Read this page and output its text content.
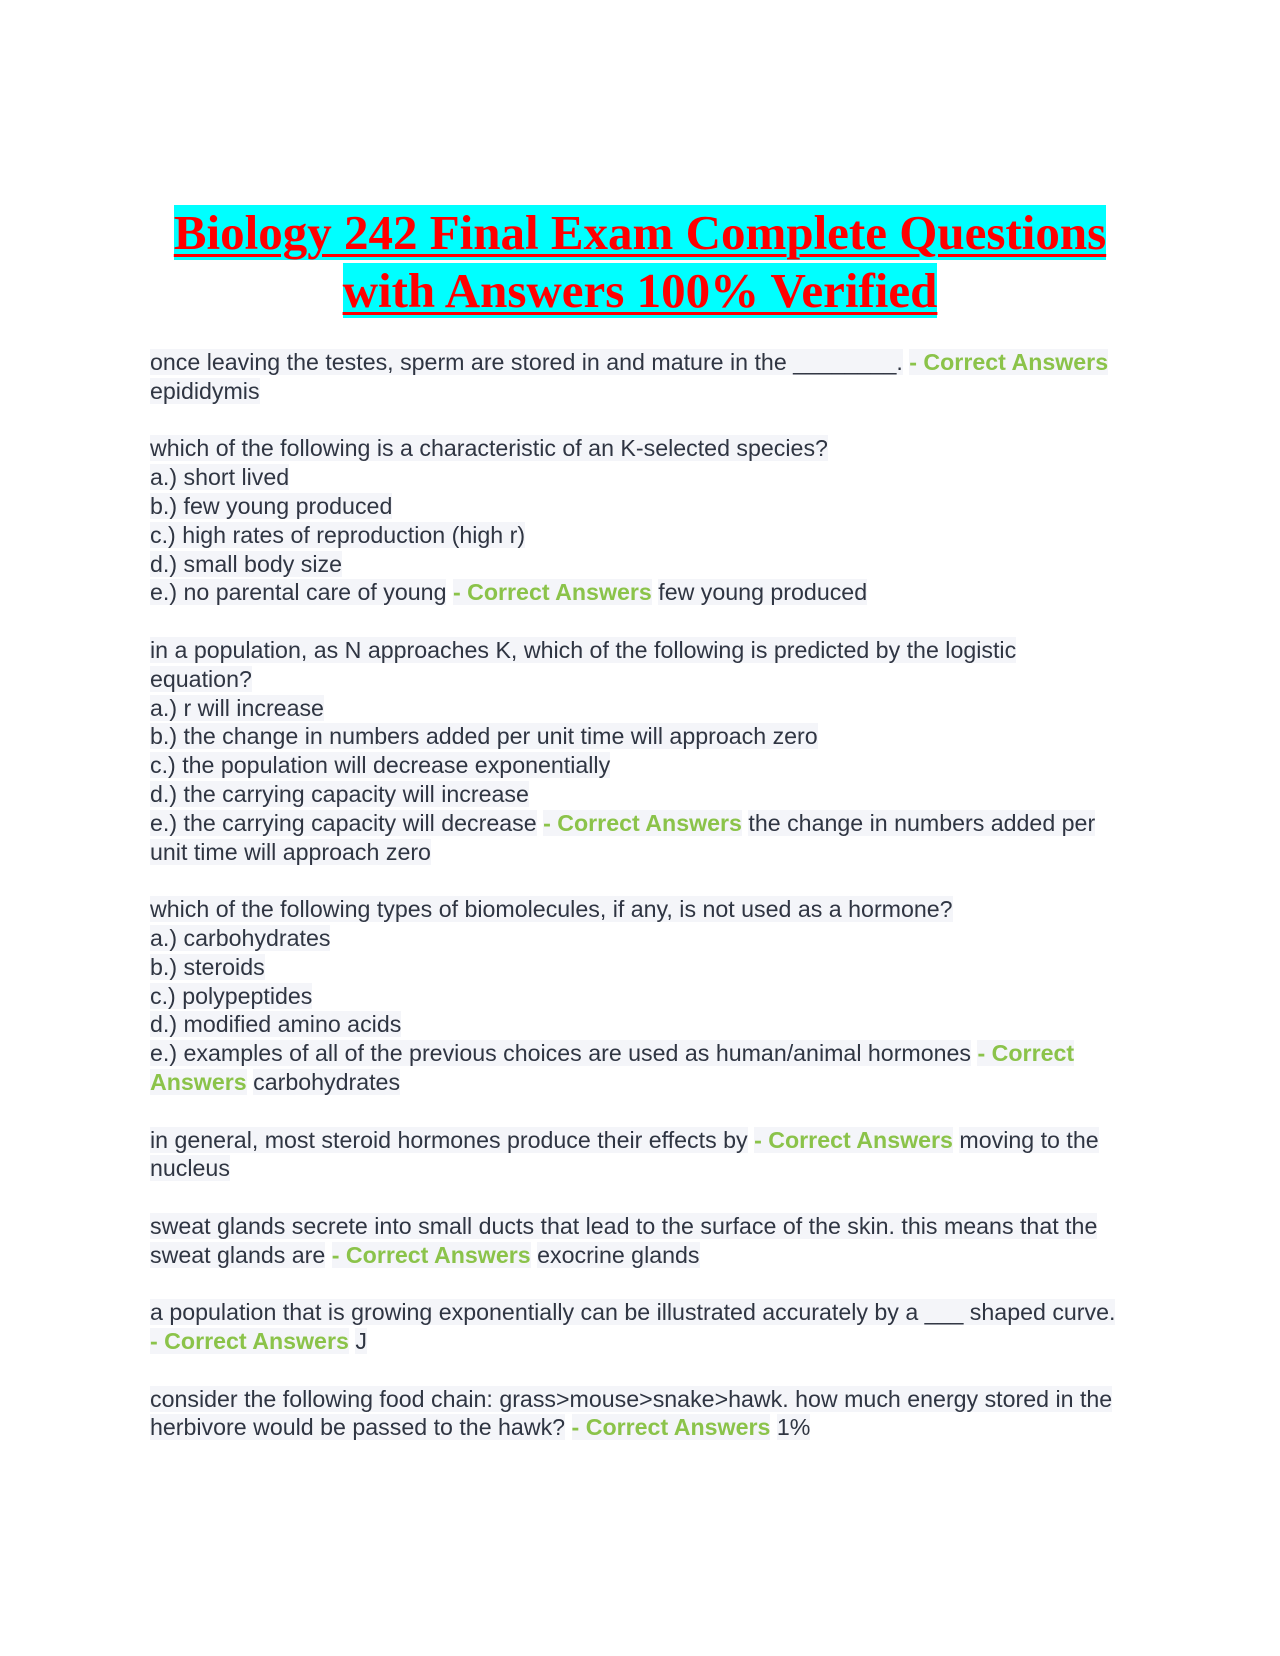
Biology 242 Final Exam Complete Questions
with Answers 100% Verified
once leaving the testes, sperm are stored in and mature in the ________. - Correct Answers epididymis
which of the following is a characteristic of an K-selected species?
a.) short lived
b.) few young produced
c.) high rates of reproduction (high r)
d.) small body size
e.) no parental care of young - Correct Answers few young produced
in a population, as N approaches K, which of the following is predicted by the logistic equation?
a.) r will increase
b.) the change in numbers added per unit time will approach zero
c.) the population will decrease exponentially
d.) the carrying capacity will increase
e.) the carrying capacity will decrease - Correct Answers the change in numbers added per unit time will approach zero
which of the following types of biomolecules, if any, is not used as a hormone?
a.) carbohydrates
b.) steroids
c.) polypeptides
d.) modified amino acids
e.) examples of all of the previous choices are used as human/animal hormones - Correct Answers carbohydrates
in general, most steroid hormones produce their effects by - Correct Answers moving to the nucleus
sweat glands secrete into small ducts that lead to the surface of the skin. this means that the sweat glands are - Correct Answers exocrine glands
a population that is growing exponentially can be illustrated accurately by a ___ shaped curve. - Correct Answers J
consider the following food chain: grass>mouse>snake>hawk. how much energy stored in the herbivore would be passed to the hawk? - Correct Answers 1%
